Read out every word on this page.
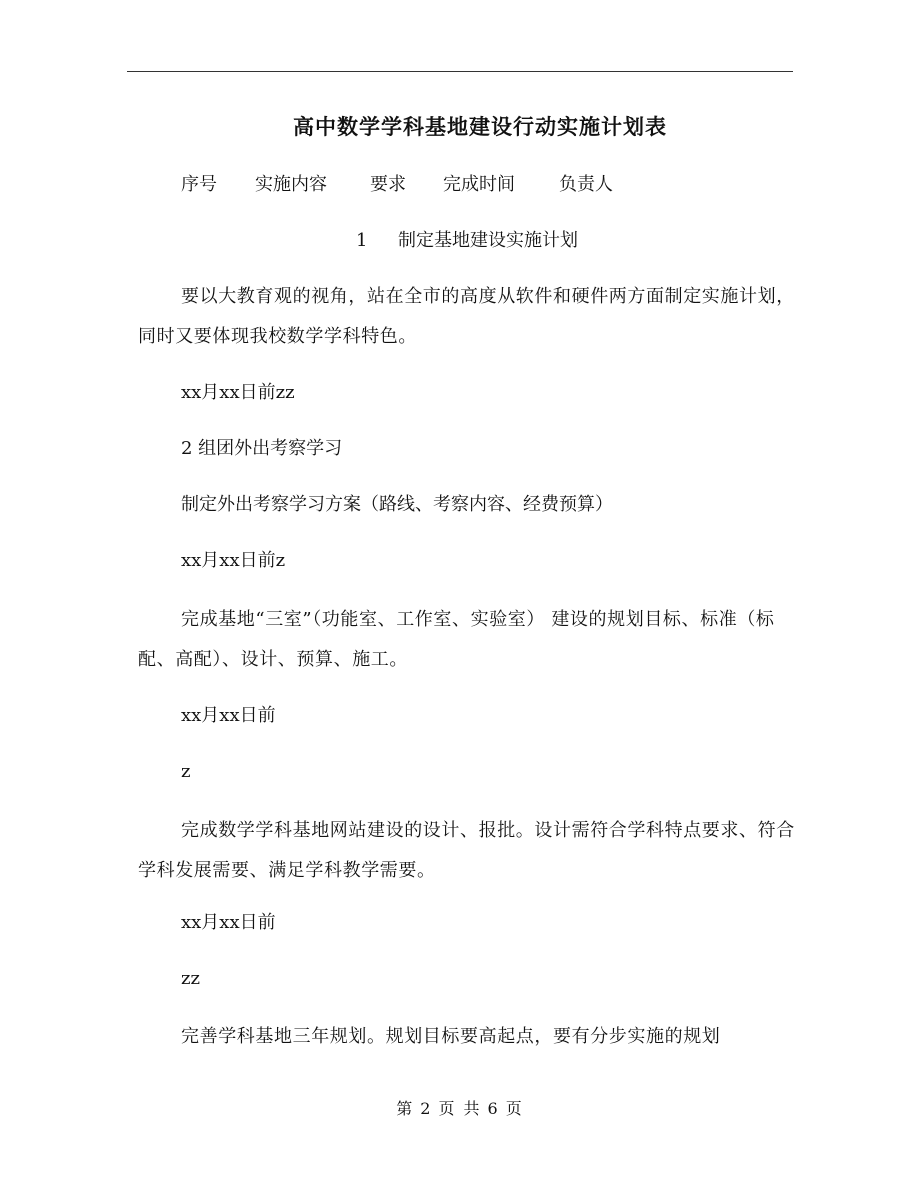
高中数学学科基地建设行动实施计划表
序号 实施内容 要求 完成时间 负责人
1 制定基地建设实施计划
要以大教育观的视角，站在全市的高度从软件和硬件两方面制定实施计划，同时又要体现我校数学学科特色。
xx月xx日前zz
2 组团外出考察学习
制定外出考察学习方案（路线、考察内容、经费预算）
xx月xx日前z
完成基地“三室”（功能室、工作室、实验室） 建设的规划目标、标准（标配、高配）、设计、预算、施工。
xx月xx日前
z
完成数学学科基地网站建设的设计、报批。设计需符合学科特点要求、符合学科发展需要、满足学科教学需要。
xx月xx日前
zz
完善学科基地三年规划。规划目标要高起点，要有分步实施的规划
第 2 页 共 6 页
